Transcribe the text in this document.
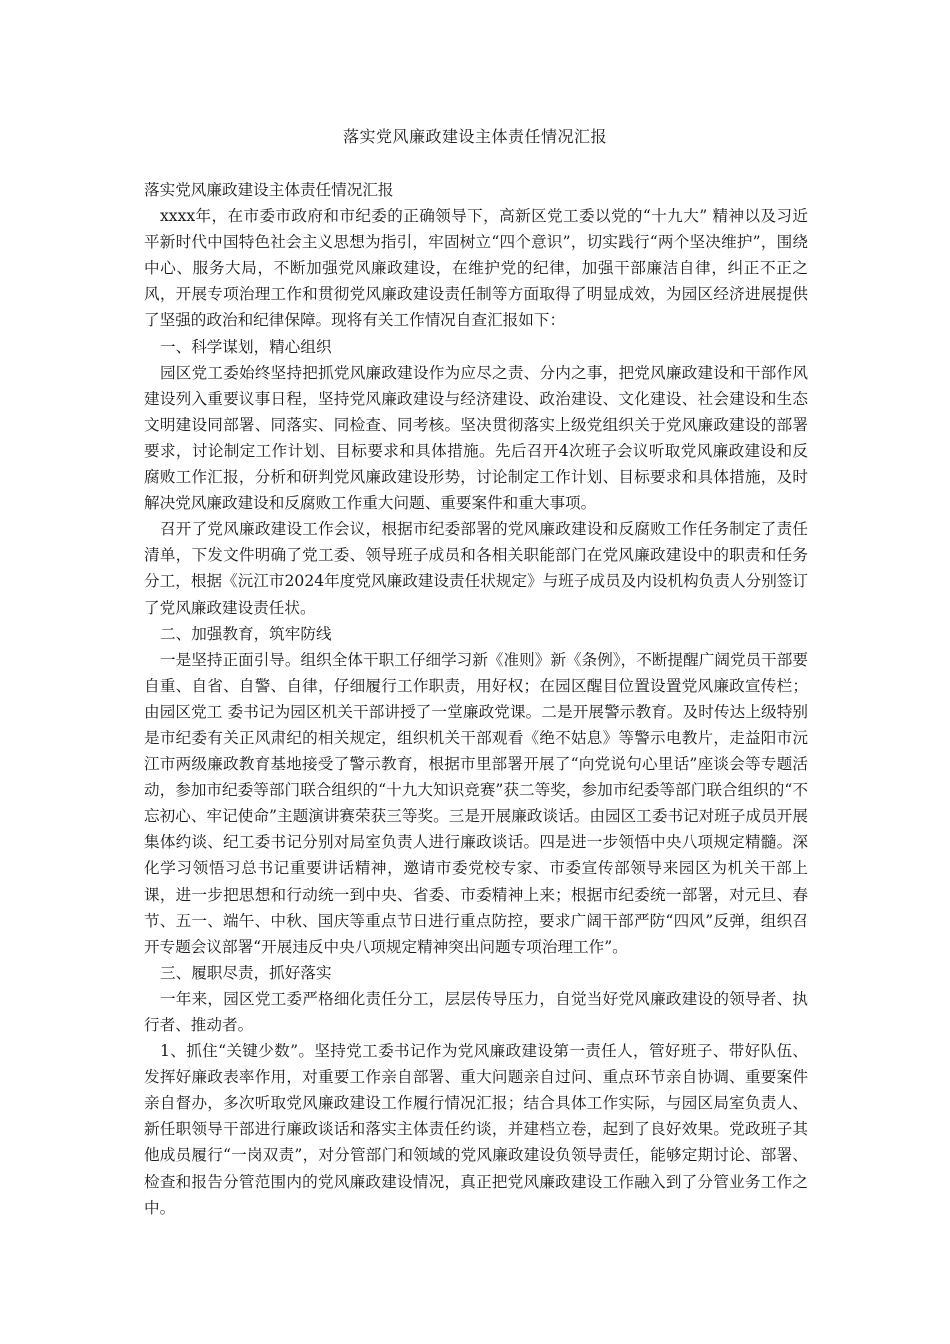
落实党风廉政建设主体责任情况汇报

落实党风廉政建设主体责任情况汇报

xxxx年，在市委市政府和市纪委的正确领导下，高新区党工委以党的“十九大” 精神以及习近平新时代中国特色社会主义思想为指引，牢固树立“四个意识”，切实践行“两个坚决维护”，围绕中心、服务大局，不断加强党风廉政建设，在维护党的纪律，加强干部廉洁自律，纠正不正之风，开展专项治理工作和贯彻党风廉政建设责任制等方面取得了明显成效，为园区经济进展提供了坚强的政治和纪律保障。现将有关工作情况自查汇报如下：

一、科学谋划，精心组织

园区党工委始终坚持把抓党风廉政建设作为应尽之责、分内之事，把党风廉政建设和干部作风建设列入重要议事日程，坚持党风廉政建设与经济建设、政治建设、文化建设、社会建设和生态文明建设同部署、同落实、同检查、同考核。坚决贯彻落实上级党组织关于党风廉政建设的部署要求，讨论制定工作计划、目标要求和具体措施。先后召开4次班子会议听取党风廉政建设和反腐败工作汇报，分析和研判党风廉政建设形势，讨论制定工作计划、目标要求和具体措施，及时解决党风廉政建设和反腐败工作重大问题、重要案件和重大事项。

召开了党风廉政建设工作会议，根据市纪委部署的党风廉政建设和反腐败工作任务制定了责任清单，下发文件明确了党工委、领导班子成员和各相关职能部门在党风廉政建设中的职责和任务分工，根据《沅江市2024年度党风廉政建设责任状规定》与班子成员及内设机构负责人分别签订了党风廉政建设责任状。

二、加强教育，筑牢防线

一是坚持正面引导。组织全体干职工仔细学习新《准则》新《条例》，不断提醒广阔党员干部要自重、自省、自警、自律，仔细履行工作职责，用好权；在园区醒目位置设置党风廉政宣传栏；由园区党工 委书记为园区机关干部讲授了一堂廉政党课。二是开展警示教育。及时传达上级特别是市纪委有关正风肃纪的相关规定，组织机关干部观看《绝不姑息》等警示电教片，走益阳市沅江市两级廉政教育基地接受了警示教育，根据市里部署开展了“向党说句心里话”座谈会等专题活动，参加市纪委等部门联合组织的“十九大知识竞赛”获二等奖，参加市纪委等部门联合组织的“不忘初心、牢记使命”主题演讲赛荣获三等奖。三是开展廉政谈话。由园区工委书记对班子成员开展集体约谈、纪工委书记分别对局室负责人进行廉政谈话。四是进一步领悟中央八项规定精髓。深化学习领悟习总书记重要讲话精神，邀请市委党校专家、市委宣传部领导来园区为机关干部上课，进一步把思想和行动统一到中央、省委、市委精神上来；根据市纪委统一部署，对元旦、春节、五一、端午、中秋、国庆等重点节日进行重点防控，要求广阔干部严防“四风”反弹，组织召开专题会议部署“开展违反中央八项规定精神突出问题专项治理工作”。

三、履职尽责，抓好落实

一年来，园区党工委严格细化责任分工，层层传导压力，自觉当好党风廉政建设的领导者、执行者、推动者。

1、抓住“关键少数”。坚持党工委书记作为党风廉政建设第一责任人，管好班子、带好队伍、发挥好廉政表率作用，对重要工作亲自部署、重大问题亲自过问、重点环节亲自协调、重要案件亲自督办，多次听取党风廉政建设工作履行情况汇报；结合具体工作实际，与园区局室负责人、新任职领导干部进行廉政谈话和落实主体责任约谈，并建档立卷，起到了良好效果。党政班子其他成员履行“一岗双责”，对分管部门和领域的党风廉政建设负领导责任，能够定期讨论、部署、检查和报告分管范围内的党风廉政建设情况，真正把党风廉政建设工作融入到了分管业务工作之中。
